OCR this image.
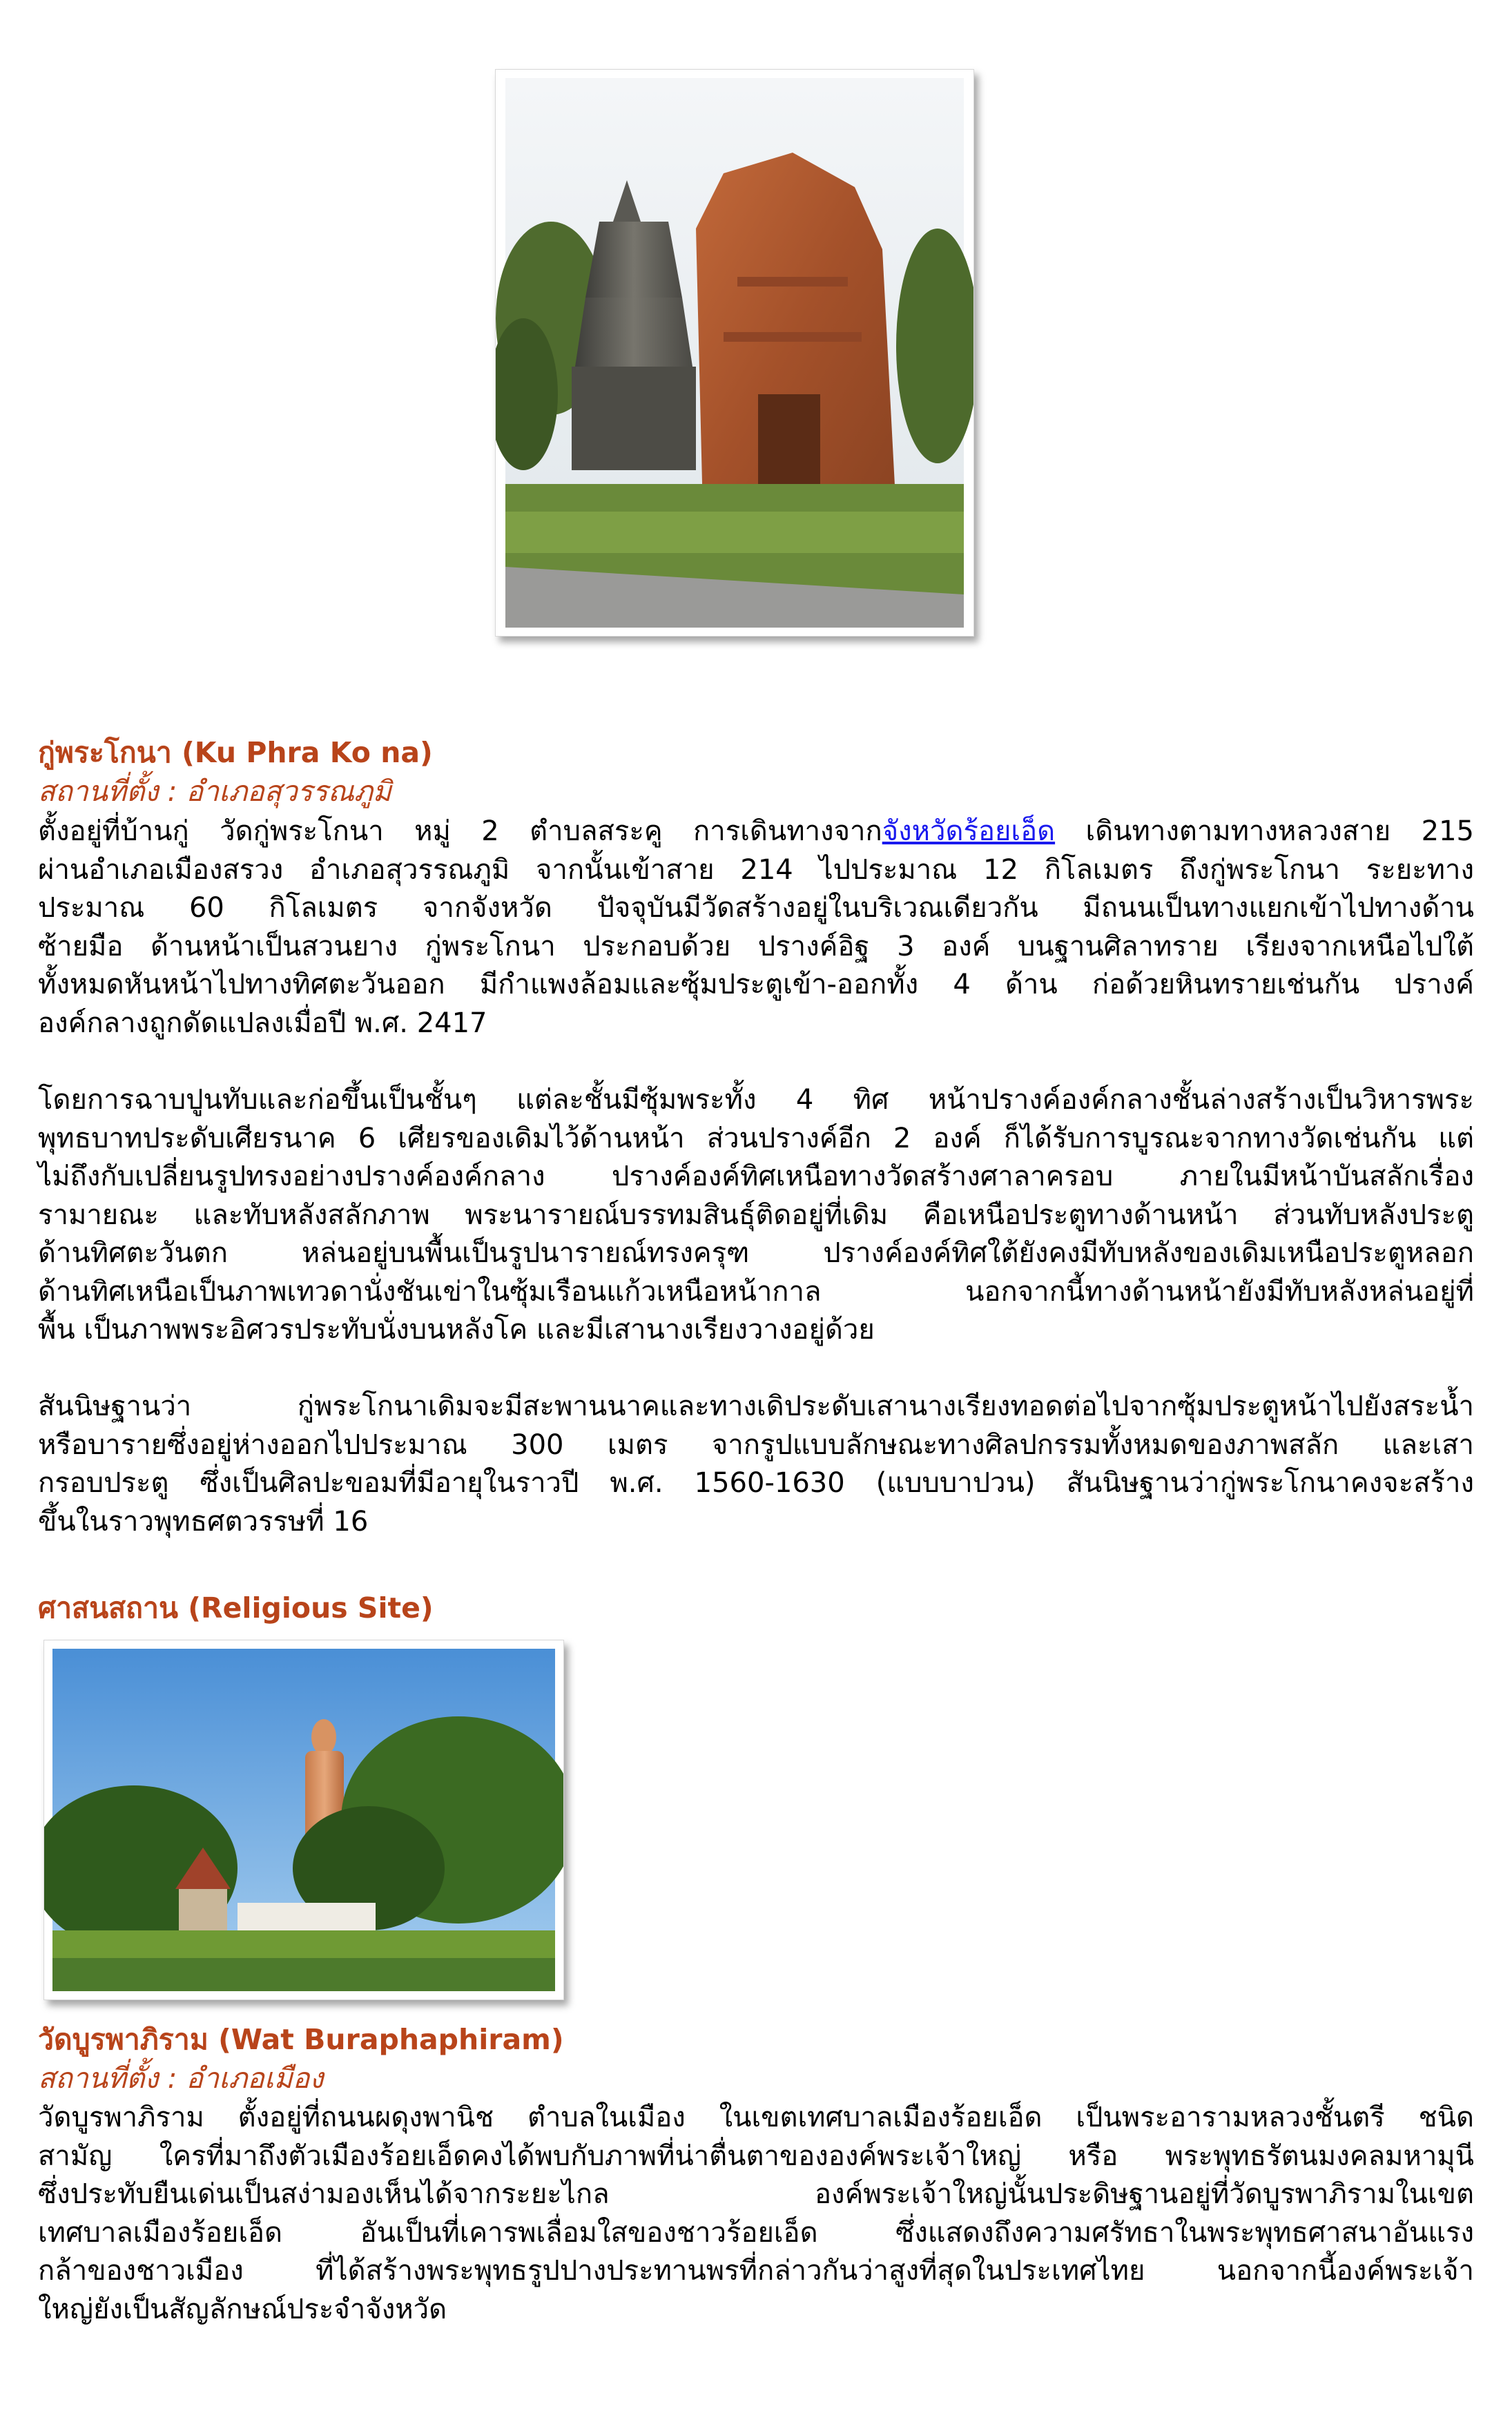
กู่พระโกนา (Ku Phra Ko na)
สถานที่ตั้ง : อำเภอสุวรรณภูมิ
ตั้งอยู่ที่บ้านกู่ วัดกู่พระโกนา หมู่ 2 ตำบลสระคู การเดินทางจากจังหวัดร้อยเอ็ด เดินทางตามทางหลวงสาย 215
ผ่านอำเภอเมืองสรวง อำเภอสุวรรณภูมิ จากนั้นเข้าสาย 214 ไปประมาณ 12 กิโลเมตร ถึงกู่พระโกนา ระยะทาง
ประมาณ 60 กิโลเมตร จากจังหวัด ปัจจุบันมีวัดสร้างอยู่ในบริเวณเดียวกัน มีถนนเป็นทางแยกเข้าไปทางด้าน
ซ้ายมือ ด้านหน้าเป็นสวนยาง กู่พระโกนา ประกอบด้วย ปรางค์อิฐ 3 องค์ บนฐานศิลาทราย เรียงจากเหนือไปใต้
ทั้งหมดหันหน้าไปทางทิศตะวันออก มีกำแพงล้อมและซุ้มประตูเข้า-ออกทั้ง 4 ด้าน ก่อด้วยหินทรายเช่นกัน ปรางค์
องค์กลางถูกดัดแปลงเมื่อปี พ.ศ. 2417
โดยการฉาบปูนทับและก่อขึ้นเป็นชั้นๆ แต่ละชั้นมีซุ้มพระทั้ง 4 ทิศ หน้าปรางค์องค์กลางชั้นล่างสร้างเป็นวิหารพระ
พุทธบาทประดับเศียรนาค 6 เศียรของเดิมไว้ด้านหน้า ส่วนปรางค์อีก 2 องค์ ก็ได้รับการบูรณะจากทางวัดเช่นกัน แต่
ไม่ถึงกับเปลี่ยนรูปทรงอย่างปรางค์องค์กลาง ปรางค์องค์ทิศเหนือทางวัดสร้างศาลาครอบ ภายในมีหน้าบันสลักเรื่อง
รามายณะ และทับหลังสลักภาพ พระนารายณ์บรรทมสินธุ์ติดอยู่ที่เดิม คือเหนือประตูทางด้านหน้า ส่วนทับหลังประตู
ด้านทิศตะวันตก หล่นอยู่บนพื้นเป็นรูปนารายณ์ทรงครุฑ ปรางค์องค์ทิศใต้ยังคงมีทับหลังของเดิมเหนือประตูหลอก
ด้านทิศเหนือเป็นภาพเทวดานั่งชันเข่าในซุ้มเรือนแก้วเหนือหน้ากาล นอกจากนี้ทางด้านหน้ายังมีทับหลังหล่นอยู่ที่
พื้น เป็นภาพพระอิศวรประทับนั่งบนหลังโค และมีเสานางเรียงวางอยู่ด้วย
สันนิษฐานว่า กู่พระโกนาเดิมจะมีสะพานนาคและทางเดิประดับเสานางเรียงทอดต่อไปจากซุ้มประตูหน้าไปยังสระน้ำ
หรือบารายซึ่งอยู่ห่างออกไปประมาณ 300 เมตร จากรูปแบบลักษณะทางศิลปกรรมทั้งหมดของภาพสลัก และเสา
กรอบประตู ซึ่งเป็นศิลปะขอมที่มีอายุในราวปี พ.ศ. 1560-1630 (แบบบาปวน) สันนิษฐานว่ากู่พระโกนาคงจะสร้าง
ขึ้นในราวพุทธศตวรรษที่ 16
ศาสนสถาน (Religious Site)
วัดบูรพาภิราม (Wat Buraphaphiram)
สถานที่ตั้ง : อำเภอเมือง
วัดบูรพาภิราม ตั้งอยู่ที่ถนนผดุงพานิช ตำบลในเมือง ในเขตเทศบาลเมืองร้อยเอ็ด เป็นพระอารามหลวงชั้นตรี ชนิด
สามัญ ใครที่มาถึงตัวเมืองร้อยเอ็ดคงได้พบกับภาพที่น่าตื่นตาขององค์พระเจ้าใหญ่ หรือ พระพุทธรัตนมงคลมหามุนี
ซึ่งประทับยืนเด่นเป็นสง่ามองเห็นได้จากระยะไกล องค์พระเจ้าใหญ่นั้นประดิษฐานอยู่ที่วัดบูรพาภิรามในเขต
เทศบาลเมืองร้อยเอ็ด อันเป็นที่เคารพเลื่อมใสของชาวร้อยเอ็ด ซึ่งแสดงถึงความศรัทธาในพระพุทธศาสนาอันแรง
กล้าของชาวเมือง ที่ได้สร้างพระพุทธรูปปางประทานพรที่กล่าวกันว่าสูงที่สุดในประเทศไทย นอกจากนี้องค์พระเจ้า
ใหญ่ยังเป็นสัญลักษณ์ประจำจังหวัด
